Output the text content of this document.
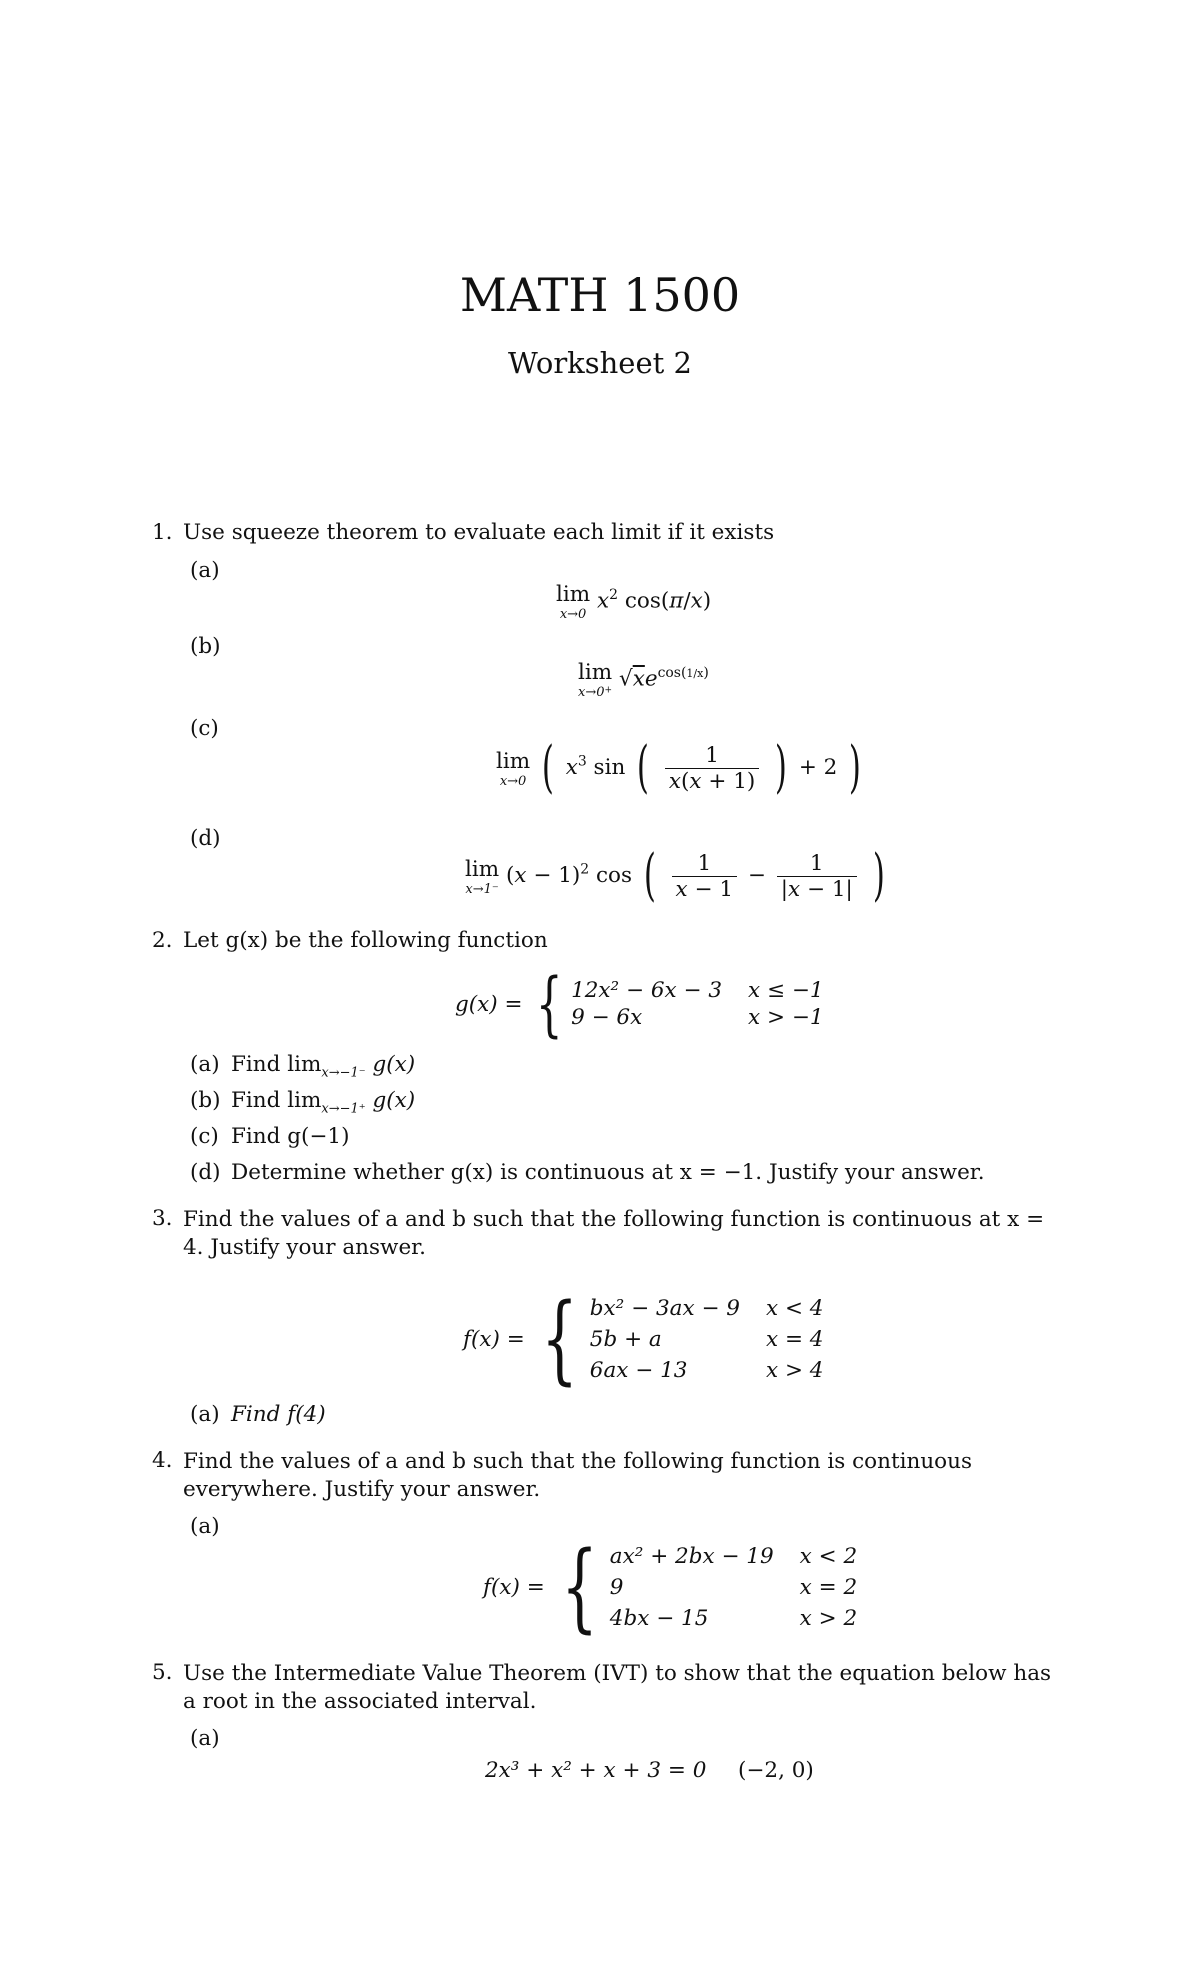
MATH 1500
Worksheet 2
1. Use squeeze theorem to evaluate each limit if it exists
(a)
lim
x→0
$x^2$ cos(π/x)
(b)
lim
x→0+ $√xe^{cos(1/x)}$
(c)
lim
x→0 ( $x^3$ sin ( $\frac{1}{x(x + 1)}$ ) + 2 )
(d)
lim
x→1⁻
$(x - 1)^2$ cos ( $\frac{1}{x - 1} - \frac{1}{|x - 1|}$ )
2. Let g(x) be the following function
g(x) =	{	12x² − 6x − 3	x ≤ −1
9 − 6x	x > −1
(a) Find $\lim_{x\to-1^-} g(x)$
(b) Find $\lim_{x\to-1^+} g(x)$
(c) Find g(−1)
(d) Determine whether g(x) is continuous at x = −1. Justify your answer.
3. Find the values of a and b such that the following function is continuous at x = 4. Justify your answer.
f(x) =	{	bx² − 3ax − 9	x < 4
5b + a	x = 4
6ax − 13	x > 4
(a) Find f(4)
4. Find the values of a and b such that the following function is continuous everywhere. Justify your answer.
(a)
f(x) =	{	ax² + 2bx − 19	x < 2
9	x = 2
4bx − 15	x > 2
5. Use the Intermediate Value Theorem (IVT) to show that the equation below has a root in the associated interval.
(a)
2x³ + x² + x + 3 = 0 (−2, 0)
